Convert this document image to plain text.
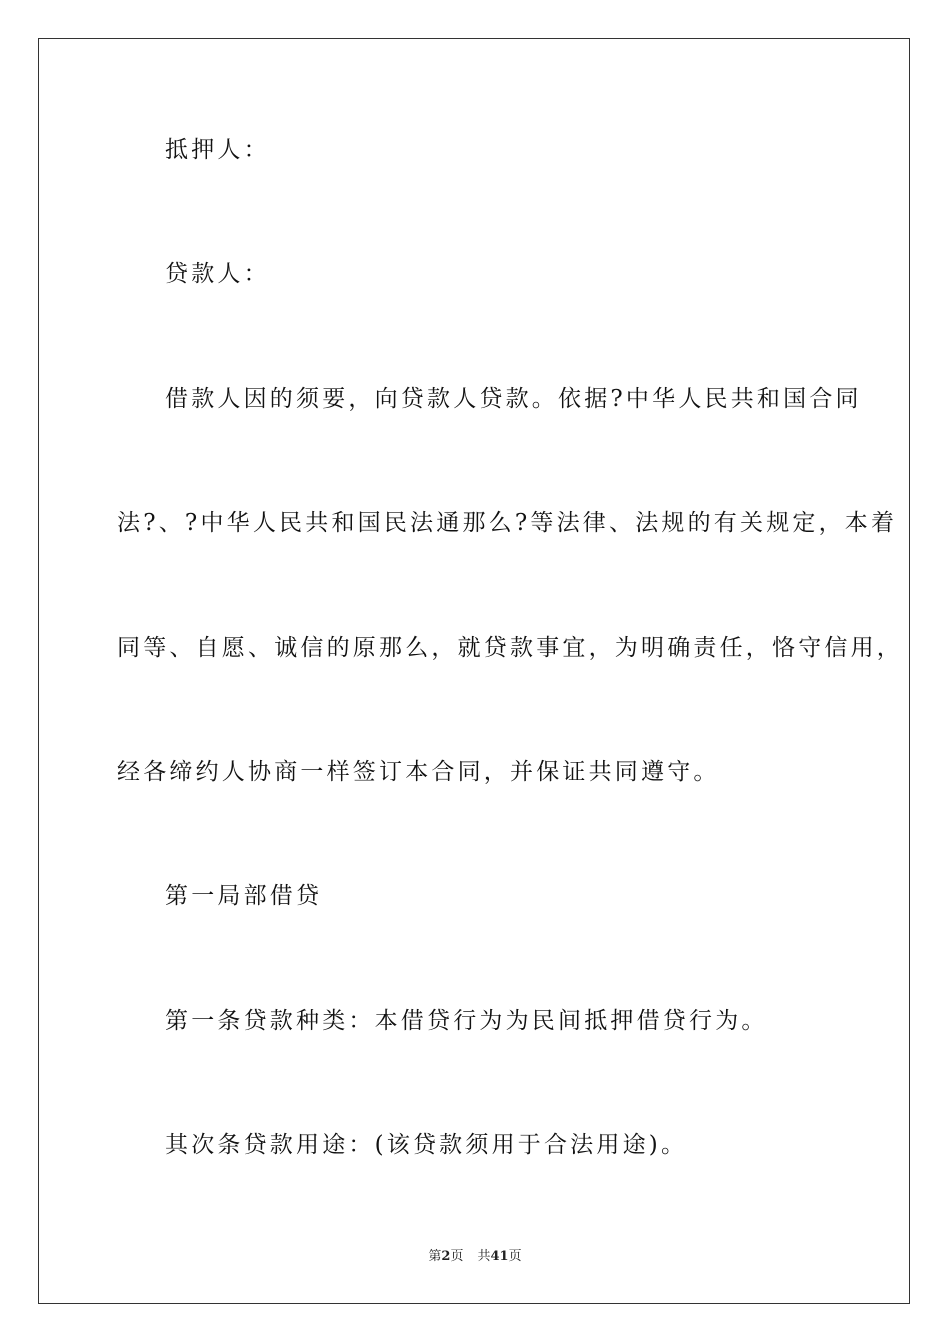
抵押人：
贷款人：
借款人因的须要，向贷款人贷款。依据?中华人民共和国合同
法?、?中华人民共和国民法通那么?等法律、法规的有关规定，本着
同等、自愿、诚信的原那么，就贷款事宜，为明确责任，恪守信用，
经各缔约人协商一样签订本合同，并保证共同遵守。
第一局部借贷
第一条贷款种类：本借贷行为为民间抵押借贷行为。
其次条贷款用途：(该贷款须用于合法用途)。
第2页 共41页
